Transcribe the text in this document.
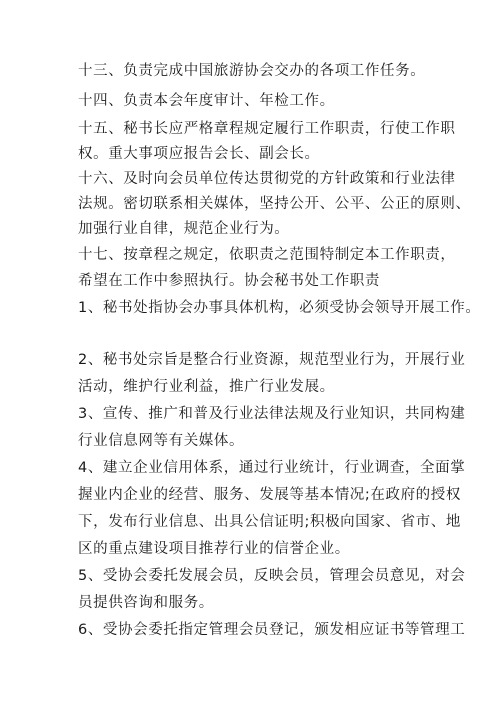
十三、负责完成中国旅游协会交办的各项工作任务。
十四、负责本会年度审计、年检工作。
十五、秘书长应严格章程规定履行工作职责，行使工作职
权。重大事项应报告会长、副会长。
十六、及时向会员单位传达贯彻党的方针政策和行业法律
法规。密切联系相关媒体，坚持公开、公平、公正的原则、
加强行业自律，规范企业行为。
十七、按章程之规定，依职责之范围特制定本工作职责，
希望在工作中参照执行。协会秘书处工作职责
1、秘书处指协会办事具体机构，必须受协会领导开展工作。
2、秘书处宗旨是整合行业资源，规范型业行为，开展行业
活动，维护行业利益，推广行业发展。
3、宣传、推广和普及行业法律法规及行业知识，共同构建
行业信息网等有关媒体。
4、建立企业信用体系，通过行业统计，行业调查，全面掌
握业内企业的经营、服务、发展等基本情况;在政府的授权
下，发布行业信息、出具公信证明;积极向国家、省市、地
区的重点建设项目推荐行业的信誉企业。
5、受协会委托发展会员，反映会员，管理会员意见，对会
员提供咨询和服务。
6、受协会委托指定管理会员登记，颁发相应证书等管理工
